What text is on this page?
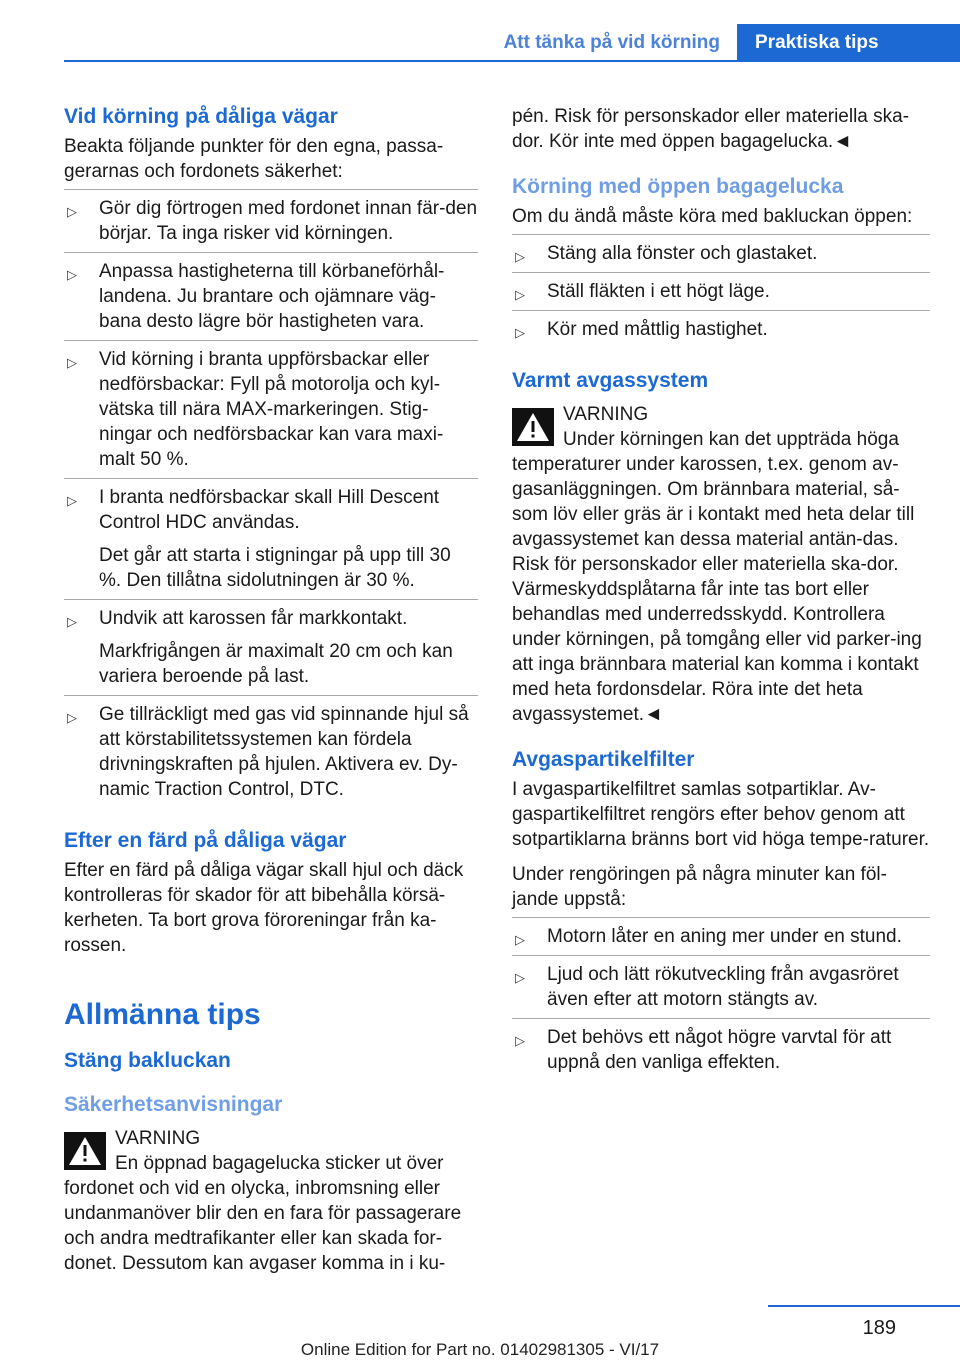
Att tänka på vid körning	Praktiska tips
Vid körning på dåliga vägar
Beakta följande punkter för den egna, passa-gerarnas och fordonets säkerhet:
▷ Gör dig förtrogen med fordonet innan fär-den börjar. Ta inga risker vid körningen.
▷ Anpassa hastigheterna till körbaneförhål-landena. Ju brantare och ojämnare väg-bana desto lägre bör hastigheten vara.
▷ Vid körning i branta uppförsbackar eller nedförsbackar: Fyll på motorolja och kyl-vätska till nära MAX-markeringen. Stig-ningar och nedförsbackar kan vara maxi-malt 50 %.
▷ I branta nedförsbackar skall Hill Descent Control HDC användas.
Det går att starta i stigningar på upp till 30 %. Den tillåtna sidolutningen är 30 %.
▷ Undvik att karossen får markkontakt.
Markfrigången är maximalt 20 cm och kan variera beroende på last.
▷ Ge tillräckligt med gas vid spinnande hjul så att körstabilitetssystemen kan fördela drivningskraften på hjulen. Aktivera ev. Dy-namic Traction Control, DTC.
Efter en färd på dåliga vägar
Efter en färd på dåliga vägar skall hjul och däck kontrolleras för skador för att bibehålla körsä-kerheten. Ta bort grova föroreningar från ka-rossen.
Allmänna tips
Stäng bakluckan
Säkerhetsanvisningar
VARNING
En öppnad bagagelucka sticker ut över fordonet och vid en olycka, inbromsning eller undanmanöver blir den en fara för passagerare och andra medtrafikanter eller kan skada for-donet. Dessutom kan avgaser komma in i ku-
pén. Risk för personskador eller materiella ska-dor. Kör inte med öppen bagagelucka.◄
Körning med öppen bagagelucka
Om du ändå måste köra med bakluckan öppen:
▷ Stäng alla fönster och glastaket.
▷ Ställ fläkten i ett högt läge.
▷ Kör med måttlig hastighet.
Varmt avgassystem
VARNING
Under körningen kan det uppträda höga temperaturer under karossen, t.ex. genom av-gasanläggningen. Om brännbara material, så-som löv eller gräs är i kontakt med heta delar till avgassystemet kan dessa material antän-das. Risk för personskador eller materiella ska-dor. Värmeskyddsplåtarna får inte tas bort eller behandlas med underredsskydd. Kontrollera under körningen, på tomgång eller vid parker-ing att inga brännbara material kan komma i kontakt med heta fordonsdelar. Röra inte det heta avgassystemet.◄
Avgaspartikelfilter
I avgaspartikelfiltret samlas sotpartiklar. Av-gaspartikelfiltret rengörs efter behov genom att sotpartiklarna bränns bort vid höga tempe-raturer.
Under rengöringen på några minuter kan föl-jande uppstå:
▷ Motorn låter en aning mer under en stund.
▷ Ljud och lätt rökutveckling från avgasröret även efter att motorn stängts av.
▷ Det behövs ett något högre varvtal för att uppnå den vanliga effekten.
189
Online Edition for Part no. 01402981305 - VI/17
